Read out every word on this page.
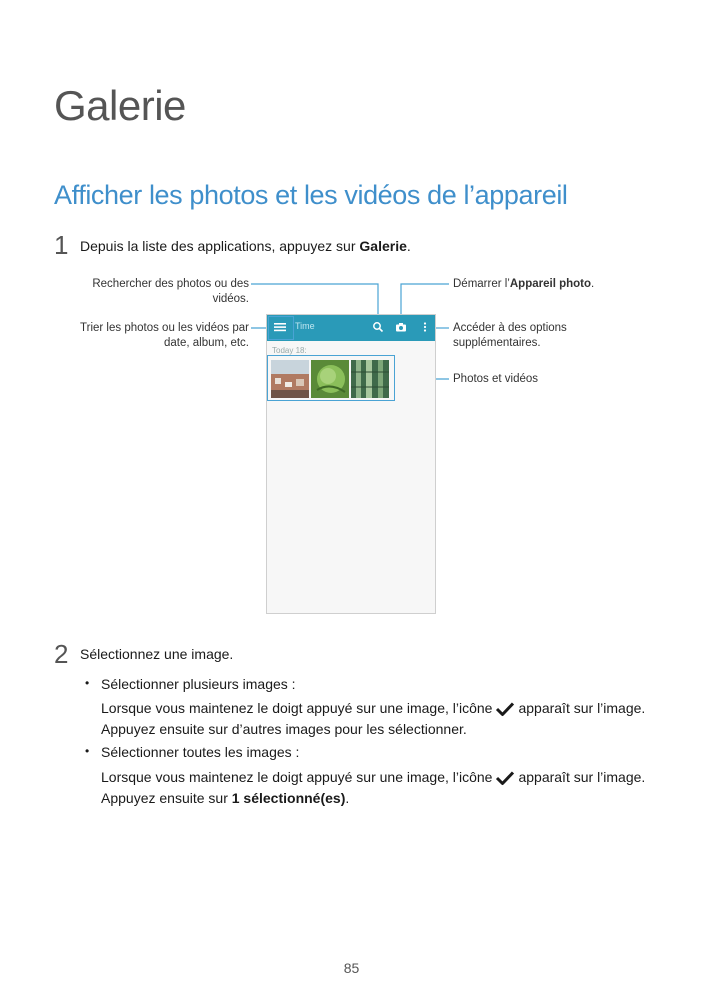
Galerie
Afficher les photos et les vidéos de l’appareil
1 Depuis la liste des applications, appuyez sur Galerie.
Rechercher des photos ou des
vidéos.
Trier les photos ou les vidéos par
date, album, etc.
Démarrer l’Appareil photo.
Accéder à des options
supplémentaires.
Photos et vidéos
Time
Today 18:
2 Sélectionnez une image.
• Sélectionner plusieurs images :
Lorsque vous maintenez le doigt appuyé sur une image, l’icône apparaît sur l’image.
Appuyez ensuite sur d’autres images pour les sélectionner.
• Sélectionner toutes les images :
Lorsque vous maintenez le doigt appuyé sur une image, l’icône apparaît sur l’image.
Appuyez ensuite sur 1 sélectionné(es).
85
